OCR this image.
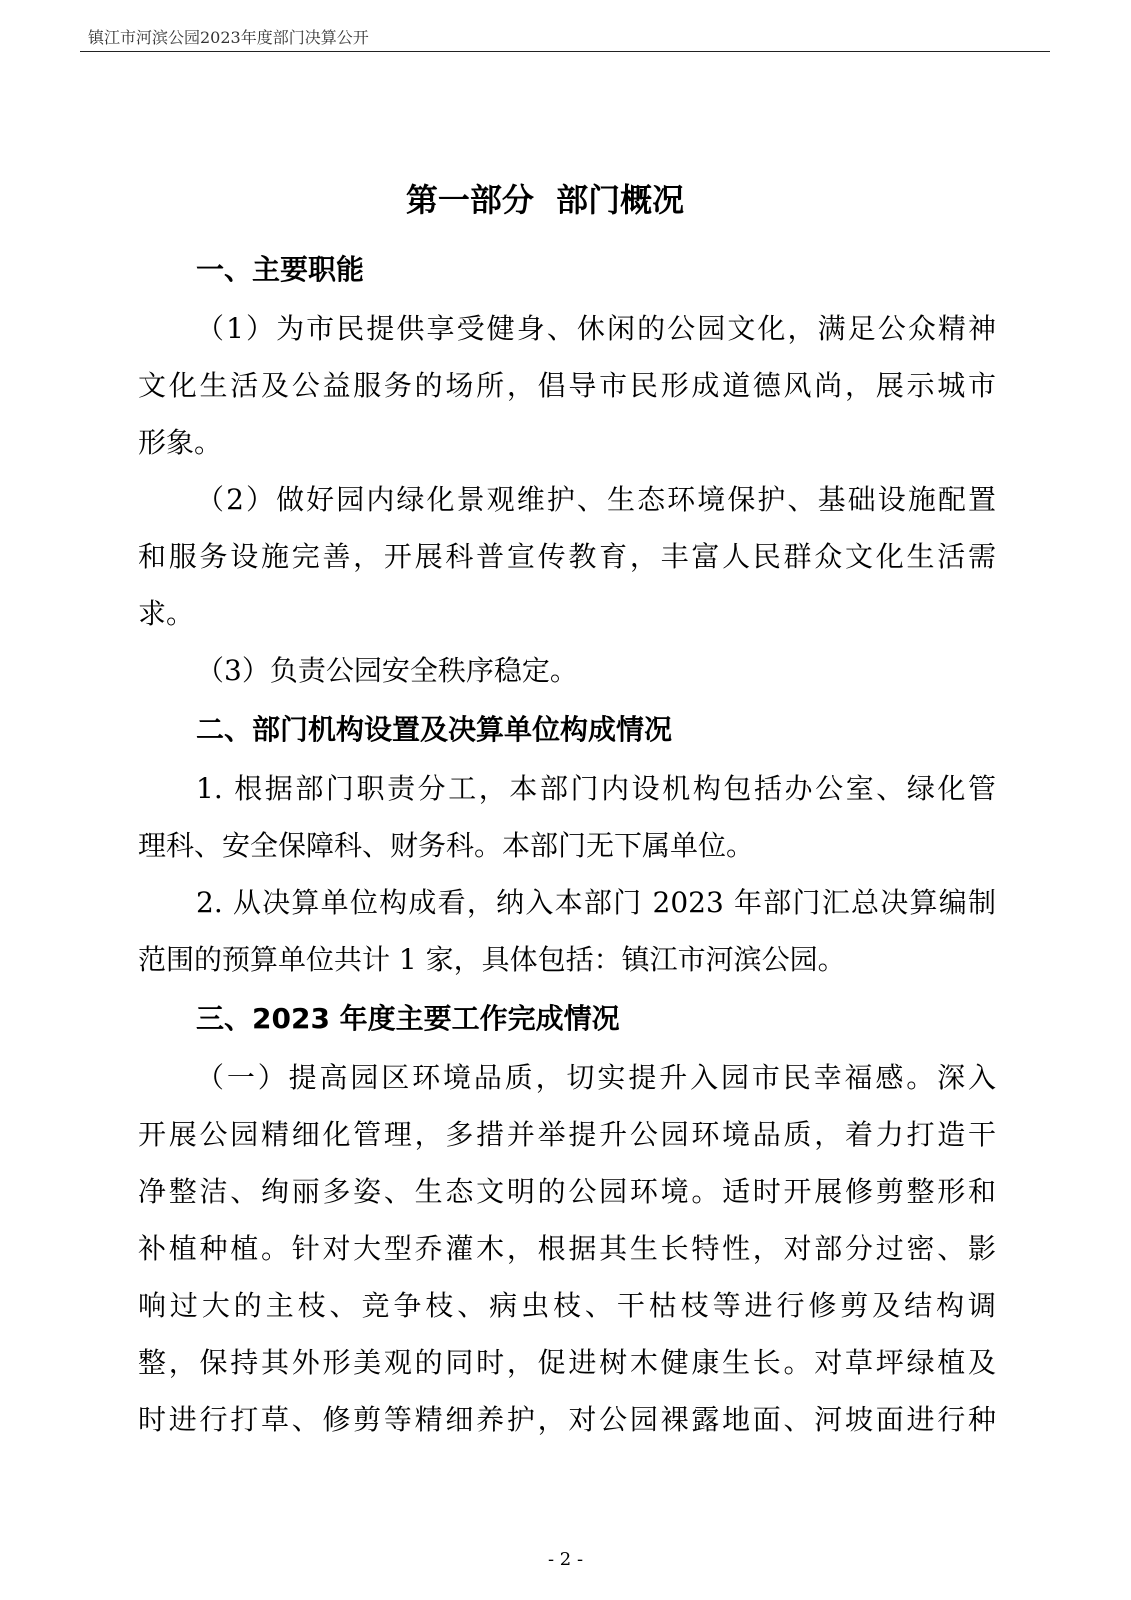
镇江市河滨公园2023年度部门决算公开
第一部分  部门概况
一、主要职能
（1）为市民提供享受健身、休闲的公园文化，满足公众精神
文化生活及公益服务的场所，倡导市民形成道德风尚，展示城市
形象。
（2）做好园内绿化景观维护、生态环境保护、基础设施配置
和服务设施完善，开展科普宣传教育，丰富人民群众文化生活需
求。
（3）负责公园安全秩序稳定。
二、部门机构设置及决算单位构成情况
1. 根据部门职责分工，本部门内设机构包括办公室、绿化管
理科、安全保障科、财务科。本部门无下属单位。
2. 从决算单位构成看，纳入本部门 2023 年部门汇总决算编制
范围的预算单位共计 1 家，具体包括：镇江市河滨公园。
三、2023 年度主要工作完成情况
（一）提高园区环境品质，切实提升入园市民幸福感。深入
开展公园精细化管理，多措并举提升公园环境品质，着力打造干
净整洁、绚丽多姿、生态文明的公园环境。适时开展修剪整形和
补植种植。针对大型乔灌木，根据其生长特性，对部分过密、影
响过大的主枝、竞争枝、病虫枝、干枯枝等进行修剪及结构调
整，保持其外形美观的同时，促进树木健康生长。对草坪绿植及
时进行打草、修剪等精细养护，对公园裸露地面、河坡面进行种
- 2 -
